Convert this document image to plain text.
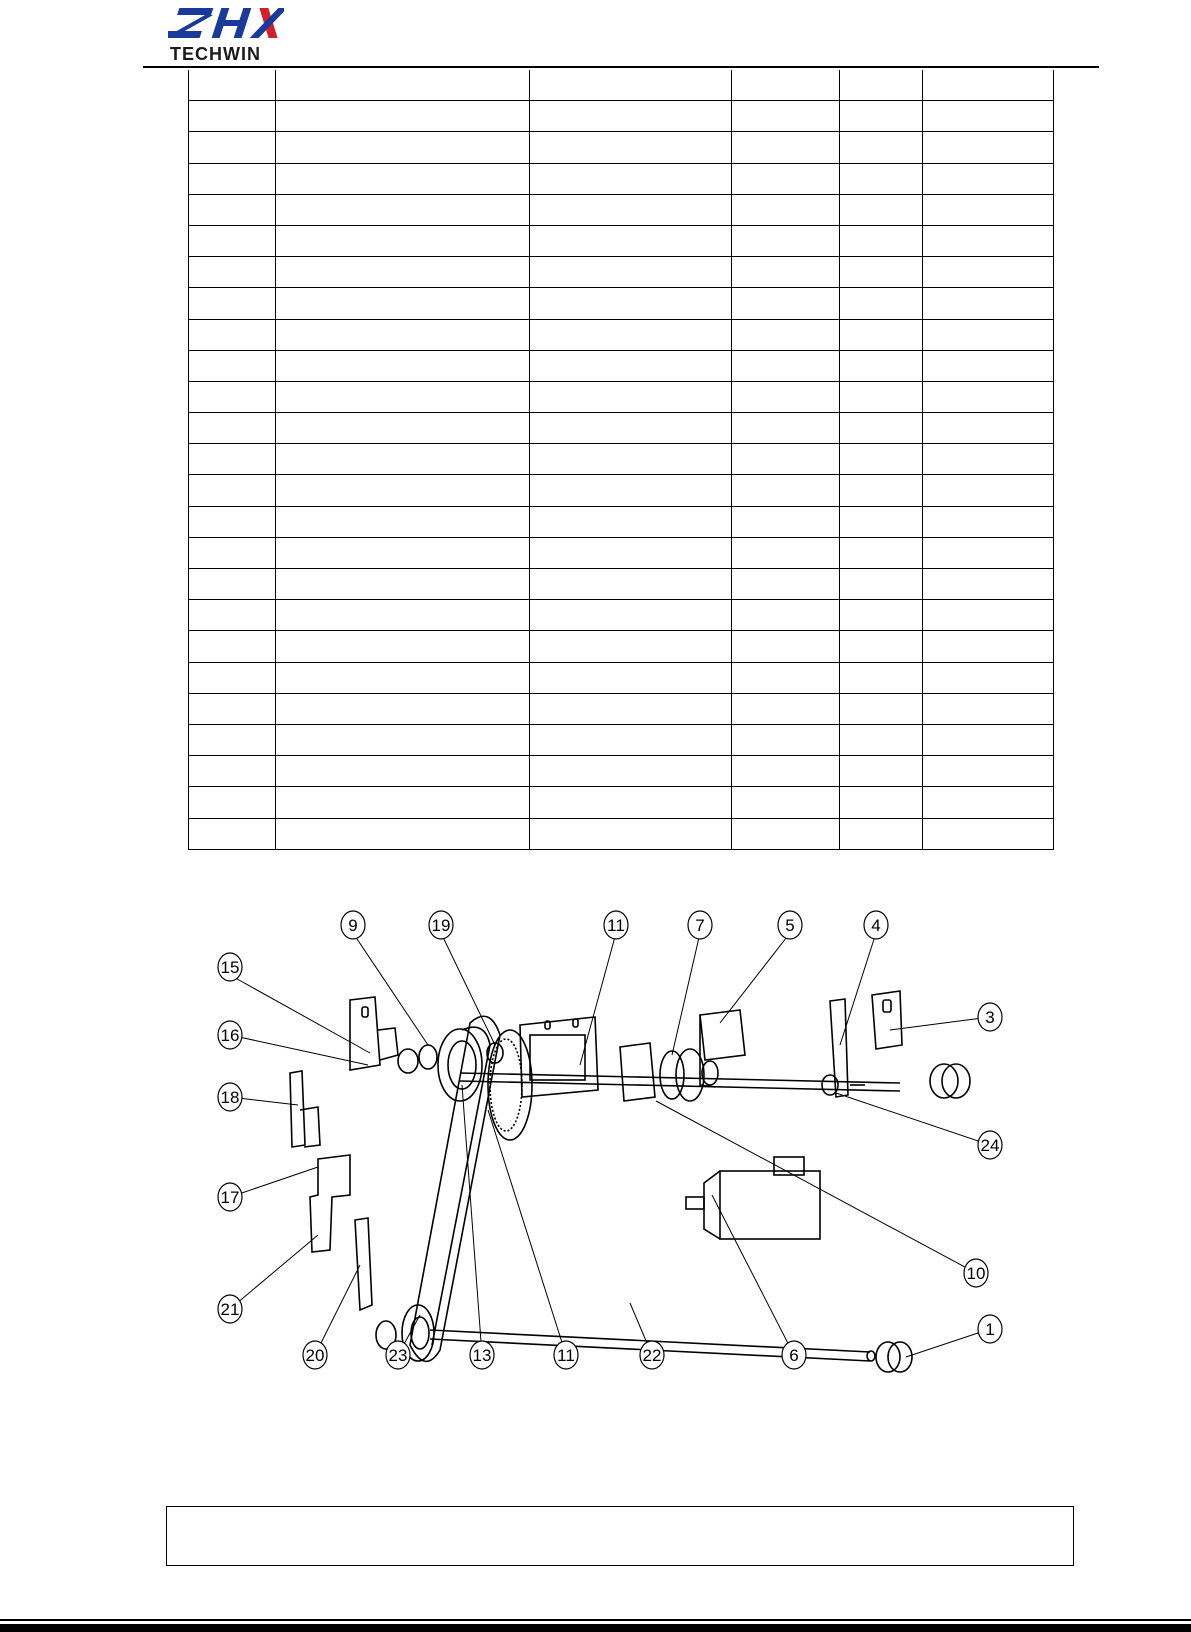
TECHWIN

9	19	11	7	5	4
15
3
16
18
24
17
10
21
1
20	23	13	11	22	6
